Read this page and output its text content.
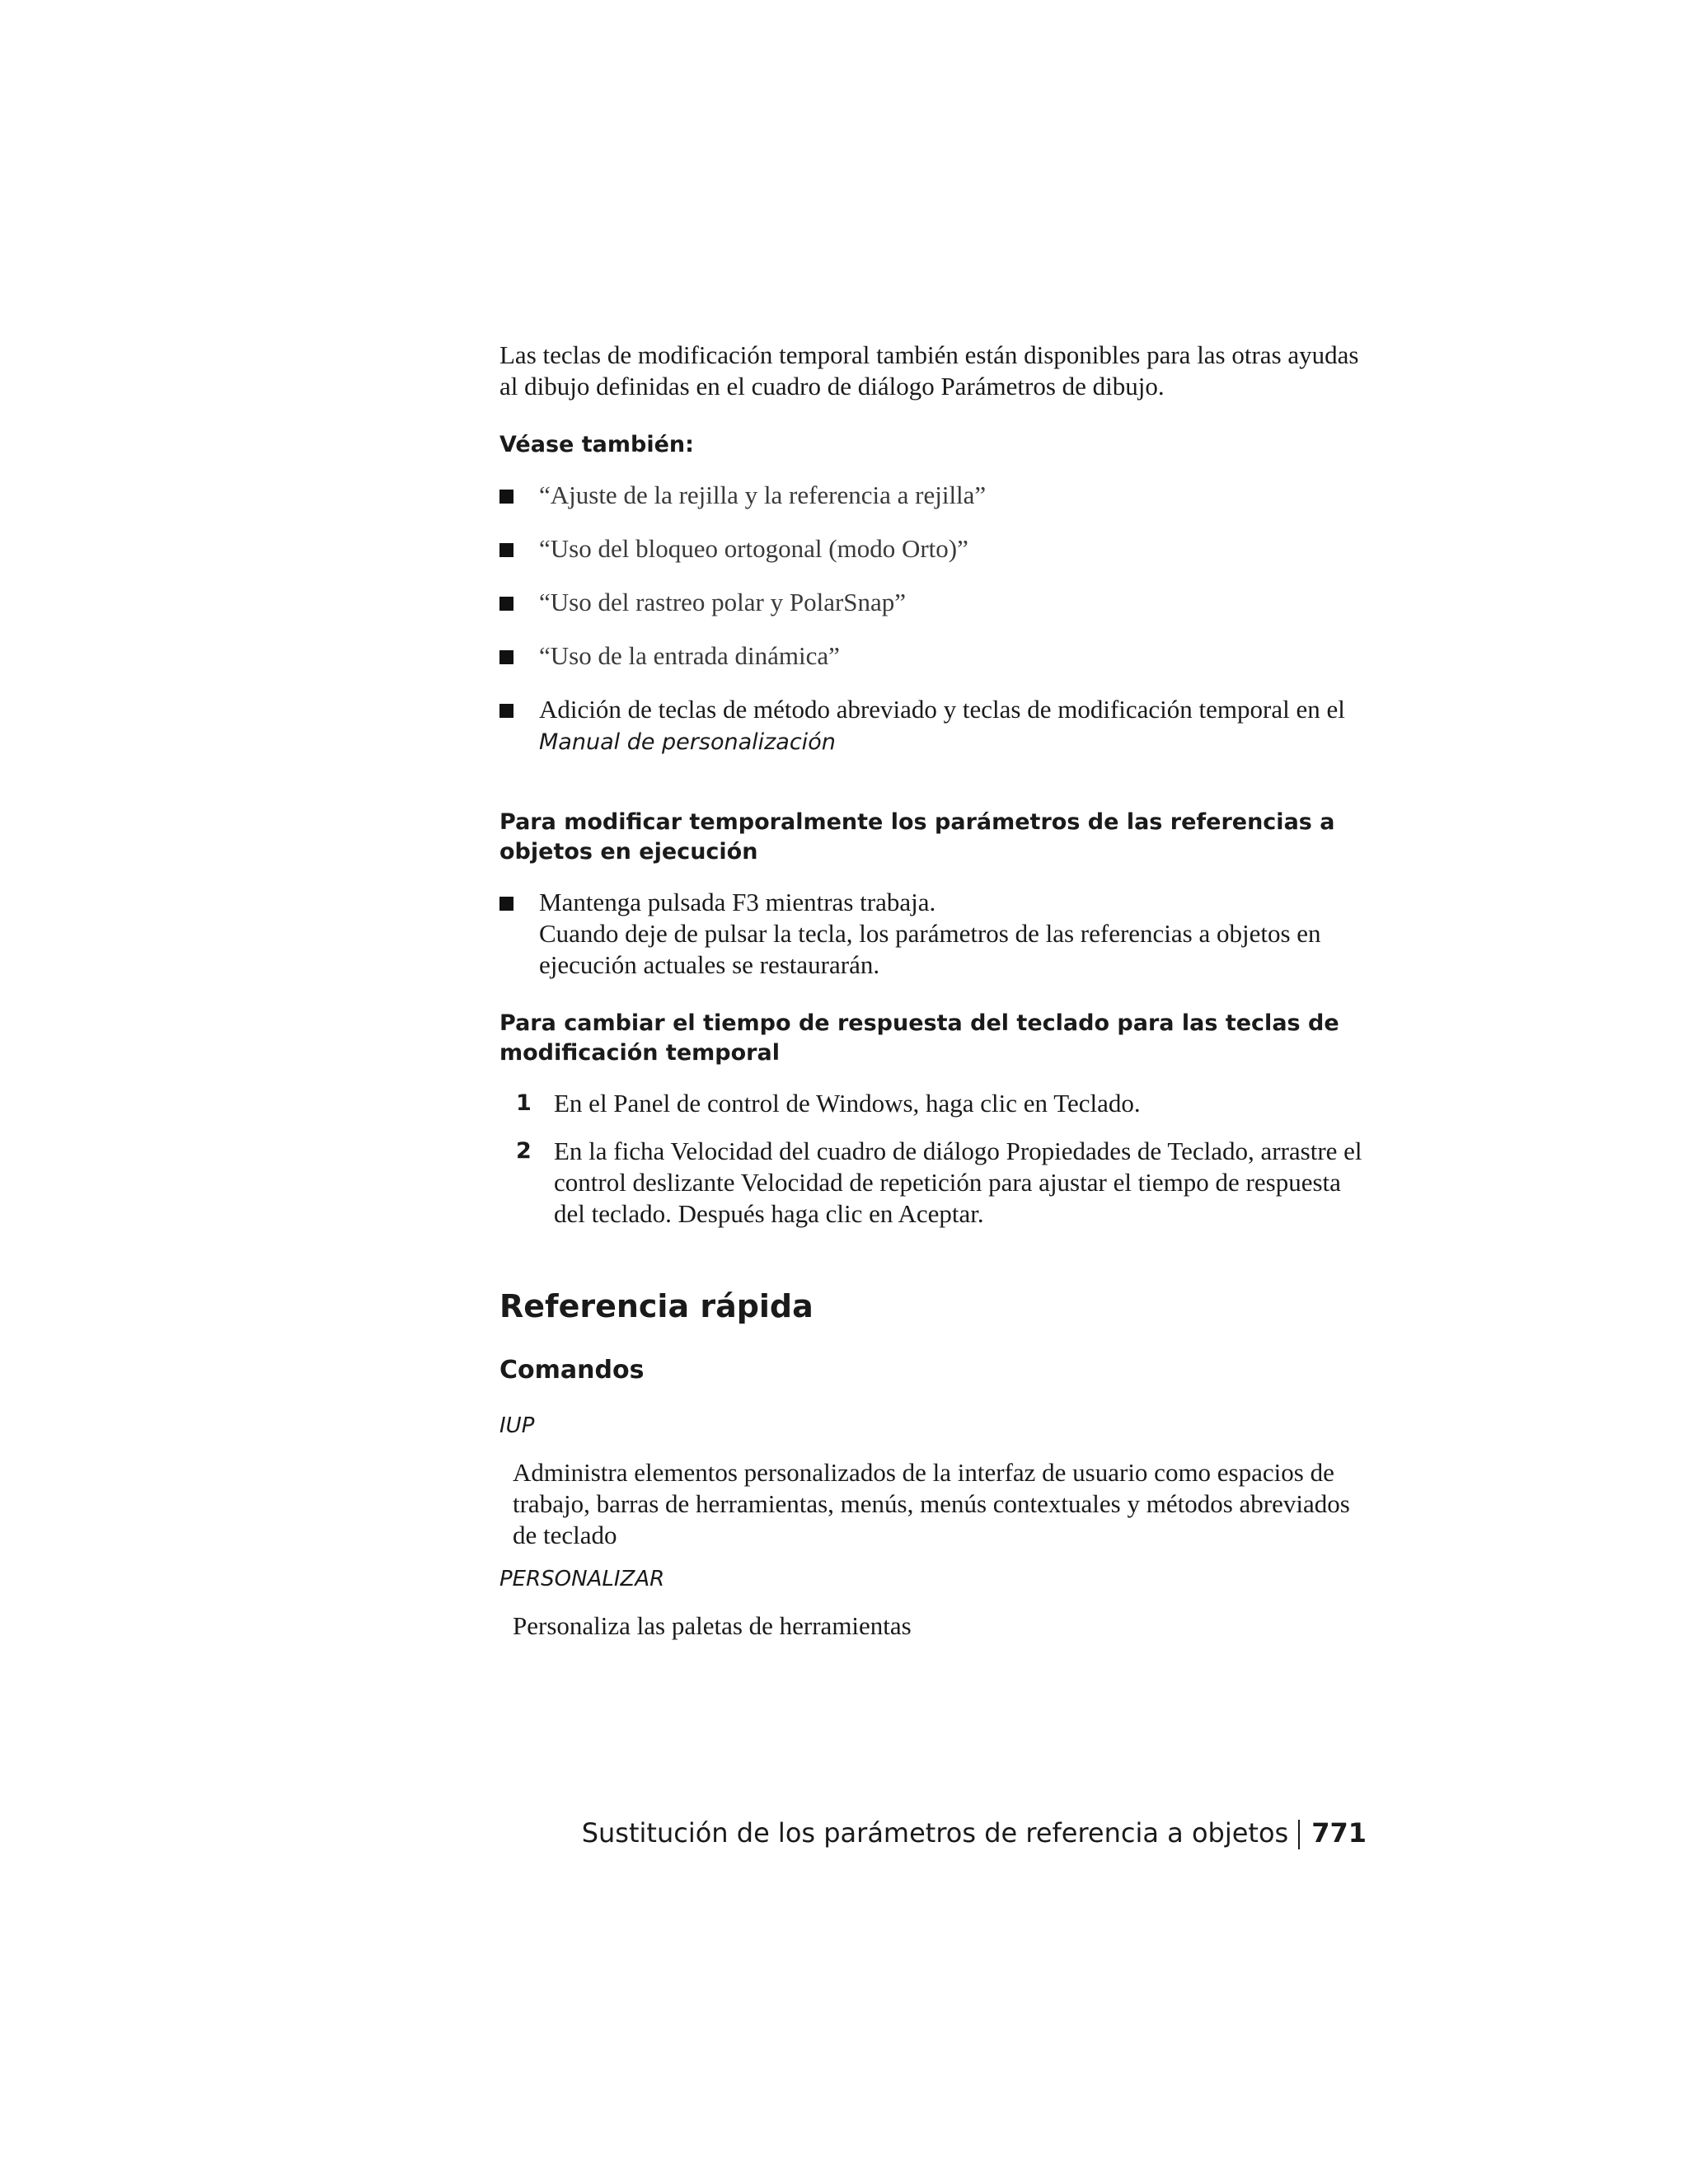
Las teclas de modificación temporal también están disponibles para las otras ayudas al dibujo definidas en el cuadro de diálogo Parámetros de dibujo.

Véase también:
“Ajuste de la rejilla y la referencia a rejilla”
“Uso del bloqueo ortogonal (modo Orto)”
“Uso del rastreo polar y PolarSnap”
“Uso de la entrada dinámica”
Adición de teclas de método abreviado y teclas de modificación temporal en el Manual de personalización
Para modificar temporalmente los parámetros de las referencias a objetos en ejecución
Mantenga pulsada F3 mientras trabaja.
Cuando deje de pulsar la tecla, los parámetros de las referencias a objetos en ejecución actuales se restaurarán.
Para cambiar el tiempo de respuesta del teclado para las teclas de modificación temporal
1 En el Panel de control de Windows, haga clic en Teclado.
2 En la ficha Velocidad del cuadro de diálogo Propiedades de Teclado, arrastre el control deslizante Velocidad de repetición para ajustar el tiempo de respuesta del teclado. Después haga clic en Aceptar.
Referencia rápida
Comandos
IUP

Administra elementos personalizados de la interfaz de usuario como espacios de trabajo, barras de herramientas, menús, menús contextuales y métodos abreviados de teclado

PERSONALIZAR

Personaliza las paletas de herramientas

Sustitución de los parámetros de referencia a objetos 771
